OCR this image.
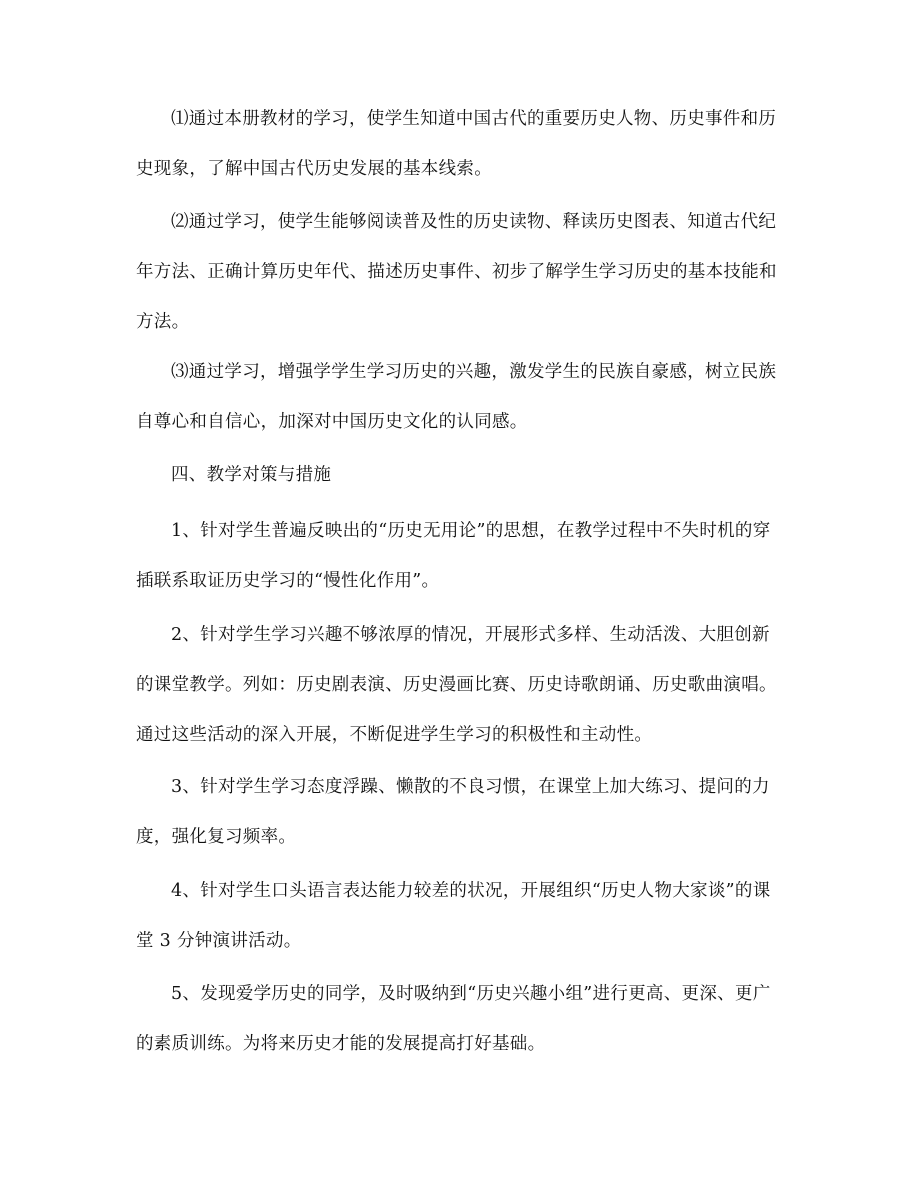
⑴通过本册教材的学习，使学生知道中国古代的重要历史人物、历史事件和历史现象，了解中国古代历史发展的基本线索。

⑵通过学习，使学生能够阅读普及性的历史读物、释读历史图表、知道古代纪年方法、正确计算历史年代、描述历史事件、初步了解学生学习历史的基本技能和方法。

⑶通过学习，增强学学生学习历史的兴趣，激发学生的民族自豪感，树立民族自尊心和自信心，加深对中国历史文化的认同感。

四、教学对策与措施

1、针对学生普遍反映出的“历史无用论”的思想，在教学过程中不失时机的穿插联系取证历史学习的“慢性化作用”。

2、针对学生学习兴趣不够浓厚的情况，开展形式多样、生动活泼、大胆创新的课堂教学。列如：历史剧表演、历史漫画比赛、历史诗歌朗诵、历史歌曲演唱。通过这些活动的深入开展，不断促进学生学习的积极性和主动性。

3、针对学生学习态度浮躁、懒散的不良习惯，在课堂上加大练习、提问的力度，强化复习频率。

4、针对学生口头语言表达能力较差的状况，开展组织“历史人物大家谈”的课堂 3 分钟演讲活动。

5、发现爱学历史的同学，及时吸纳到“历史兴趣小组”进行更高、更深、更广的素质训练。为将来历史才能的发展提高打好基础。
